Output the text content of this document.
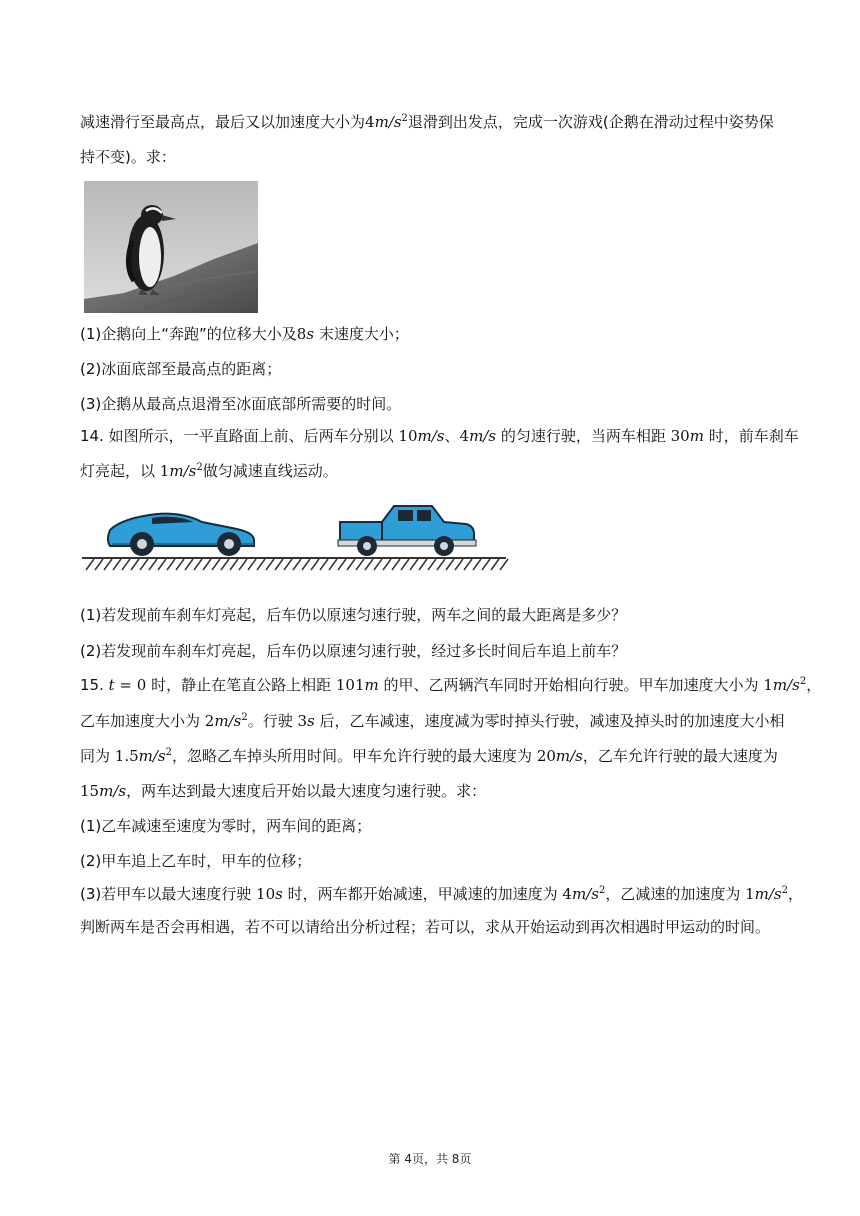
减速滑行至最高点，最后又以加速度大小为$4m/s^2$退滑到出发点，完成一次游戏(企鹅在滑动过程中姿势保
持不变)。求：
(1)企鹅向上“奔跑”的位移大小及8s 末速度大小；
(2)冰面底部至最高点的距离；
(3)企鹅从最高点退滑至冰面底部所需要的时间。
14. 如图所示，一平直路面上前、后两车分别以 10m/s、4m/s 的匀速行驶，当两车相距 30m 时，前车刹车
灯亮起，以 $1m/s^2$做匀减速直线运动。
(1)若发现前车刹车灯亮起，后车仍以原速匀速行驶，两车之间的最大距离是多少？
(2)若发现前车刹车灯亮起，后车仍以原速匀速行驶，经过多长时间后车追上前车？
15. t = 0 时，静止在笔直公路上相距 101m 的甲、乙两辆汽车同时开始相向行驶。甲车加速度大小为 $1m/s^2$，
乙车加速度大小为 $2m/s^2$。行驶 3s 后，乙车减速，速度减为零时掉头行驶，减速及掉头时的加速度大小相
同为 $1.5m/s^2$，忽略乙车掉头所用时间。甲车允许行驶的最大速度为 20m/s，乙车允许行驶的最大速度为
15m/s，两车达到最大速度后开始以最大速度匀速行驶。求：
(1)乙车减速至速度为零时，两车间的距离；
(2)甲车追上乙车时，甲车的位移；
(3)若甲车以最大速度行驶 10s 时，两车都开始减速，甲减速的加速度为 $4m/s^2$，乙减速的加速度为 $1m/s^2$，
判断两车是否会再相遇，若不可以请给出分析过程；若可以，求从开始运动到再次相遇时甲运动的时间。
第 4页，共 8页
